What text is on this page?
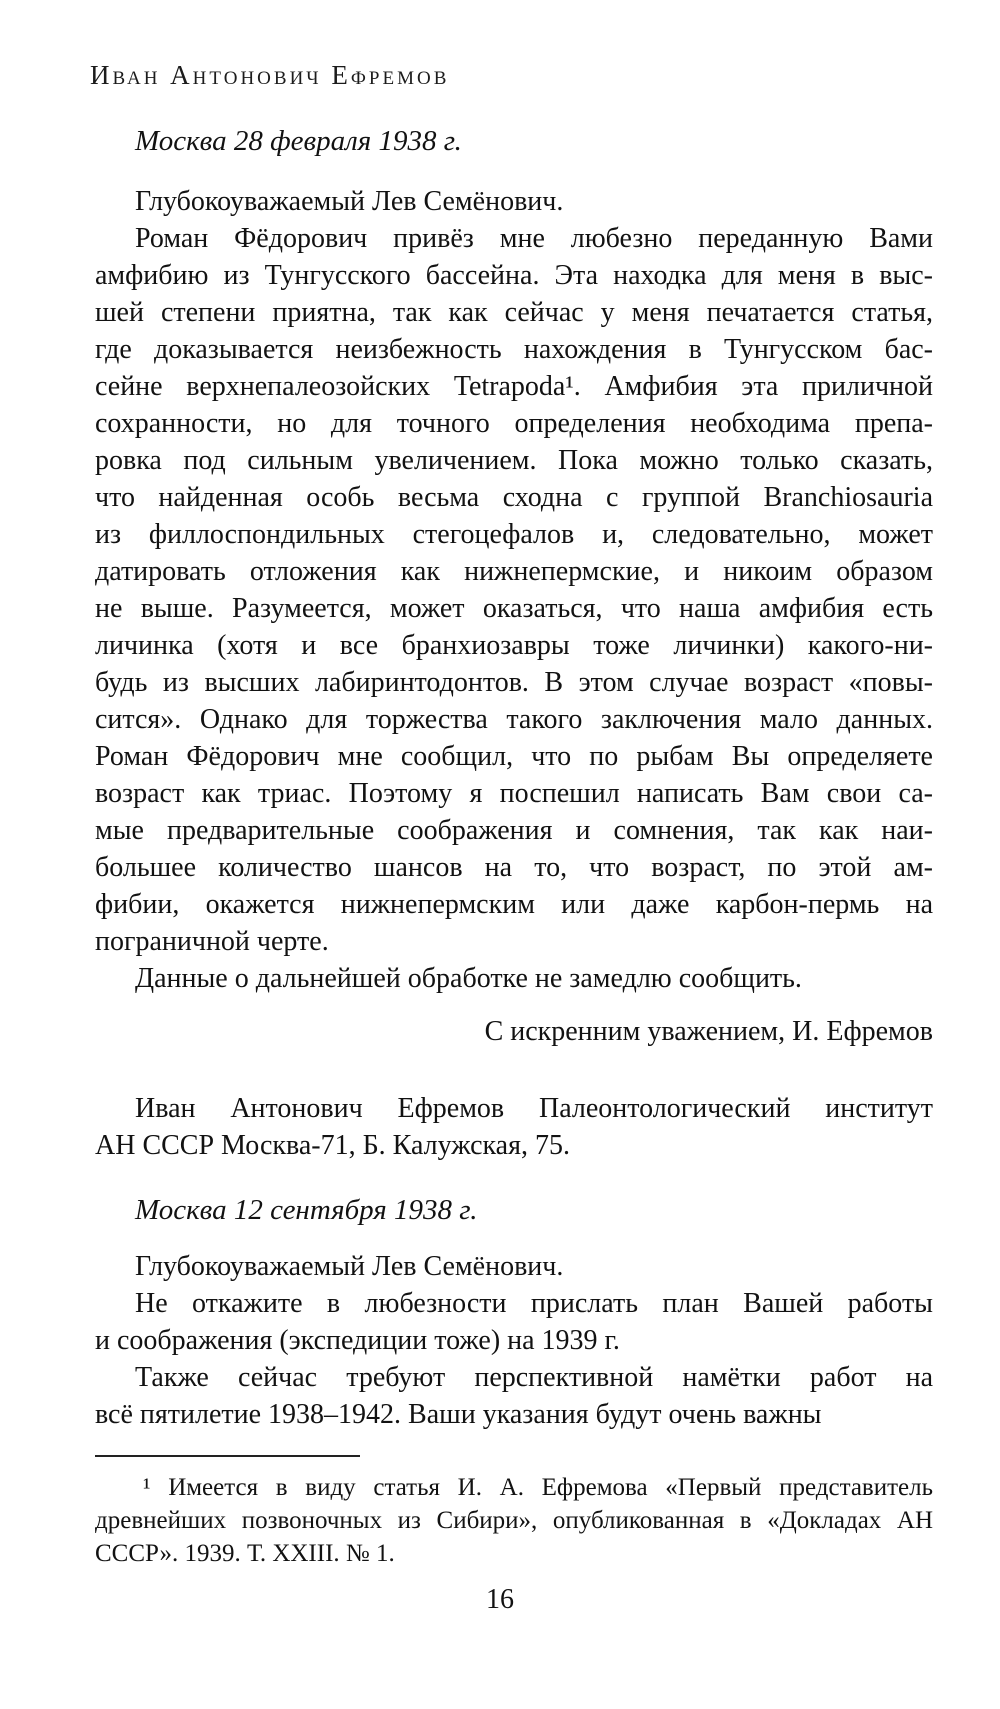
Иван Антонович Ефремов
Москва 28 февраля 1938 г.
Глубокоуважаемый Лев Семёнович.
Роман Фёдорович привёз мне любезно переданную Вами
амфибию из Тунгусского бассейна. Эта находка для меня в выс-
шей степени приятна, так как сейчас у меня печатается статья,
где доказывается неизбежность нахождения в Тунгусском бас-
сейне верхнепалеозойских Tetrapoda¹. Амфибия эта приличной
сохранности, но для точного определения необходима препа-
ровка под сильным увеличением. Пока можно только сказать,
что найденная особь весьма сходна с группой Branchiosauria
из филлоспондильных стегоцефалов и, следовательно, может
датировать отложения как нижнепермские, и никоим образом
не выше. Разумеется, может оказаться, что наша амфибия есть
личинка (хотя и все бранхиозавры тоже личинки) какого-ни-
будь из высших лабиринтодонтов. В этом случае возраст «повы-
сится». Однако для торжества такого заключения мало данных.
Роман Фёдорович мне сообщил, что по рыбам Вы определяете
возраст как триас. Поэтому я поспешил написать Вам свои са-
мые предварительные соображения и сомнения, так как наи-
большее количество шансов на то, что возраст, по этой ам-
фибии, окажется нижнепермским или даже карбон-пермь на
пограничной черте.
Данные о дальнейшей обработке не замедлю сообщить.
С искренним уважением, И. Ефремов
Иван Антонович Ефремов Палеонтологический институт
АН СССР Москва-71, Б. Калужская, 75.
Москва 12 сентября 1938 г.
Глубокоуважаемый Лев Семёнович.
Не откажите в любезности прислать план Вашей работы
и соображения (экспедиции тоже) на 1939 г.
Также сейчас требуют перспективной намётки работ на
всё пятилетие 1938–1942. Ваши указания будут очень важны
¹ Имеется в виду статья И. А. Ефремова «Первый представитель
древнейших позвоночных из Сибири», опубликованная в «Докладах АН
СССР». 1939. Т. XXIII. № 1.
16
